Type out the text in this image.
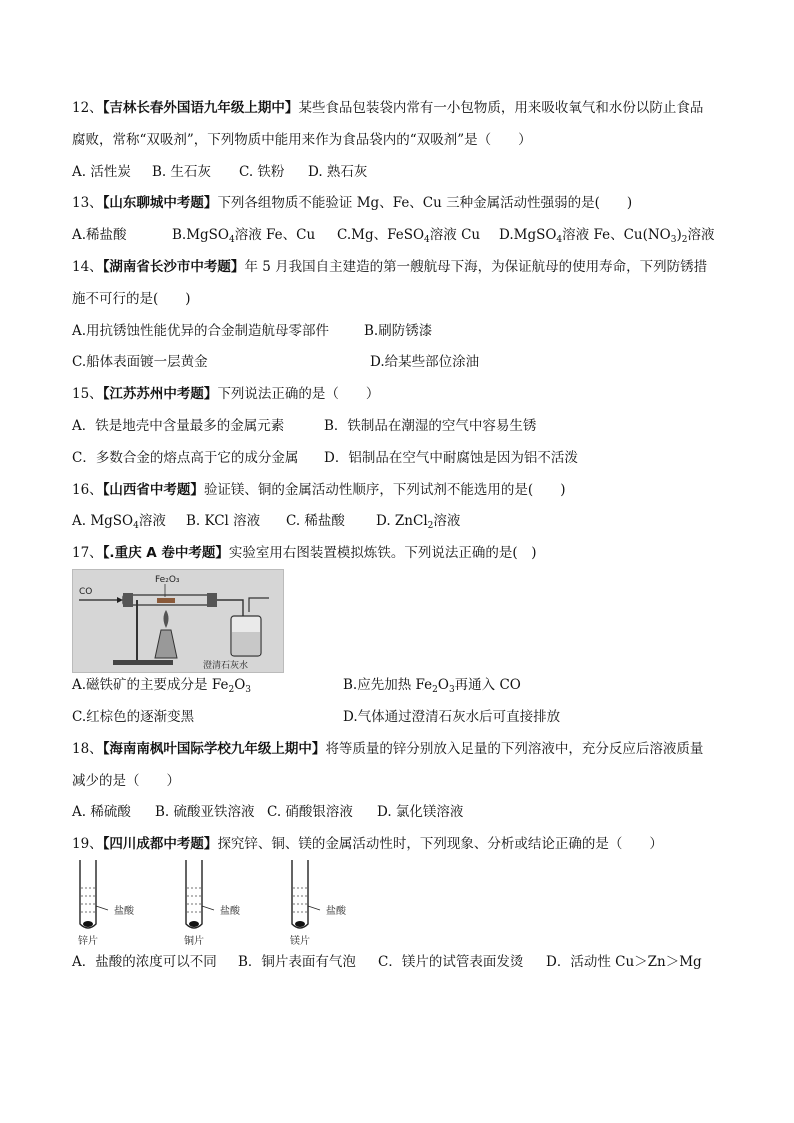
12、【吉林长春外国语九年级上期中】某些食品包装袋内常有一小包物质，用来吸收氧气和水份以防止食品

腐败，常称“双吸剂”，下列物质中能用来作为食品袋内的“双吸剂”是（　　）

A. 活性炭 B. 生石灰 C. 铁粉 D. 熟石灰

13、【山东聊城中考题】下列各组物质不能验证 Mg、Fe、Cu 三种金属活动性强弱的是(　　)

A.稀盐酸	B.MgSO$_4$溶液 Fe、Cu C.Mg、FeSO$_4$溶液 Cu D.MgSO$_4$溶液 Fe、$Cu(NO_3)_2$溶液

14、【湖南省长沙市中考题】年 5 月我国自主建造的第一艘航母下海，为保证航母的使用寿命，下列防锈措

施不可行的是(　　)

A.用抗锈蚀性能优异的合金制造航母零部件	B.刷防锈漆

C.船体表面镀一层黄金	D.给某些部位涂油

15、【江苏苏州中考题】下列说法正确的是（　　）

A．铁是地壳中含量最多的金属元素	B．铁制品在潮湿的空气中容易生锈

C．多数合金的熔点高于它的成分金属 D．铝制品在空气中耐腐蚀是因为铝不活泼

16、【山西省中考题】验证镁、铜的金属活动性顺序，下列试剂不能选用的是(　　)

A. MgSO$_4$溶液 B. KCl 溶液 C. 稀盐酸 D. ZnCl$_2$溶液

17、【.重庆 A 卷中考题】实验室用右图装置模拟炼铁。下列说法正确的是(　)

CO
Fe₂O₃
澄清石灰水

A.磁铁矿的主要成分是 $Fe_2O_3$	B.应先加热 $Fe_2O_3$再通入 CO

C.红棕色的逐渐变黑	D.气体通过澄清石灰水后可直接排放

18、【海南南枫叶国际学校九年级上期中】将等质量的锌分别放入足量的下列溶液中，充分反应后溶液质量

减少的是（　　）

A. 稀硫酸 B. 硫酸亚铁溶液 C. 硝酸银溶液 D. 氯化镁溶液

19、【四川成都中考题】探究锌、铜、镁的金属活动性时，下列现象、分析或结论正确的是（　　）

盐酸
锌片
盐酸
铜片
盐酸
镁片

A．盐酸的浓度可以不同 B．铜片表面有气泡 C．镁片的试管表面发烫 D．活动性 Cu＞Zn＞Mg
